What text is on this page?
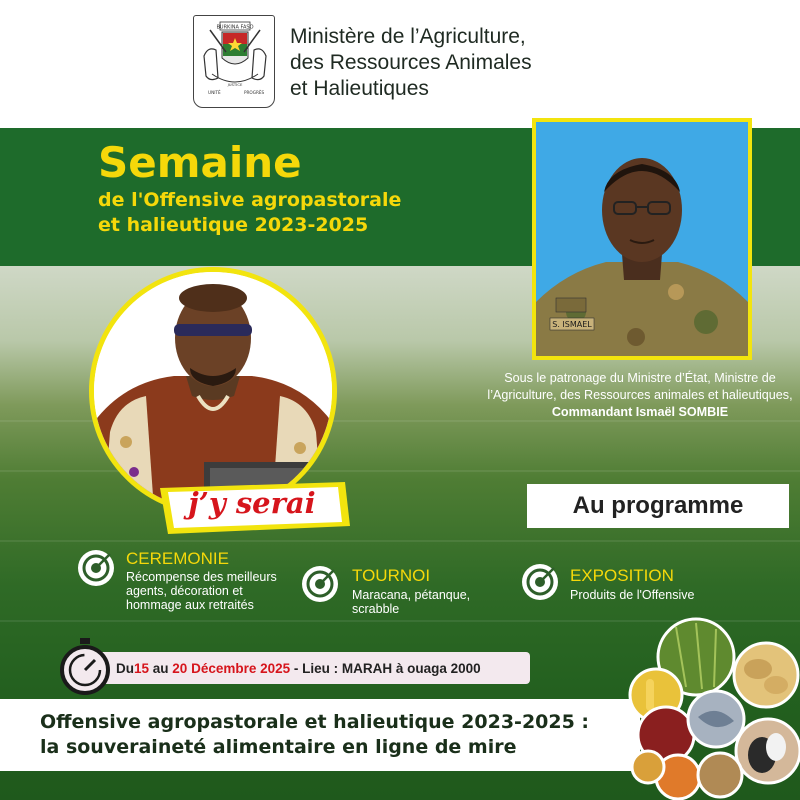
BURKINA FASO
UNITÉ	PROGRÈS
JUSTICE
Ministère de l’Agriculture,
des Ressources Animales
et Halieutiques
Semaine
de l'Offensive agropastorale
et halieutique 2023-2025
S. ISMAEL
Sous le patronage du Ministre d’État, Ministre de l’Agriculture, des Ressources animales et halieutiques, Commandant Ismaël SOMBIE
j’y serai	Au programme
CEREMONIE
Récompense des meilleurs
agents, décoration et
hommage aux retraités
TOURNOI
Maracana, pétanque,
scrabble
EXPOSITION
Produits de l'Offensive
Du 15 au 20 Décembre 2025 - Lieu : MARAH à ouaga 2000
Offensive agropastorale et halieutique 2023-2025 :
la souveraineté alimentaire en ligne de mire
